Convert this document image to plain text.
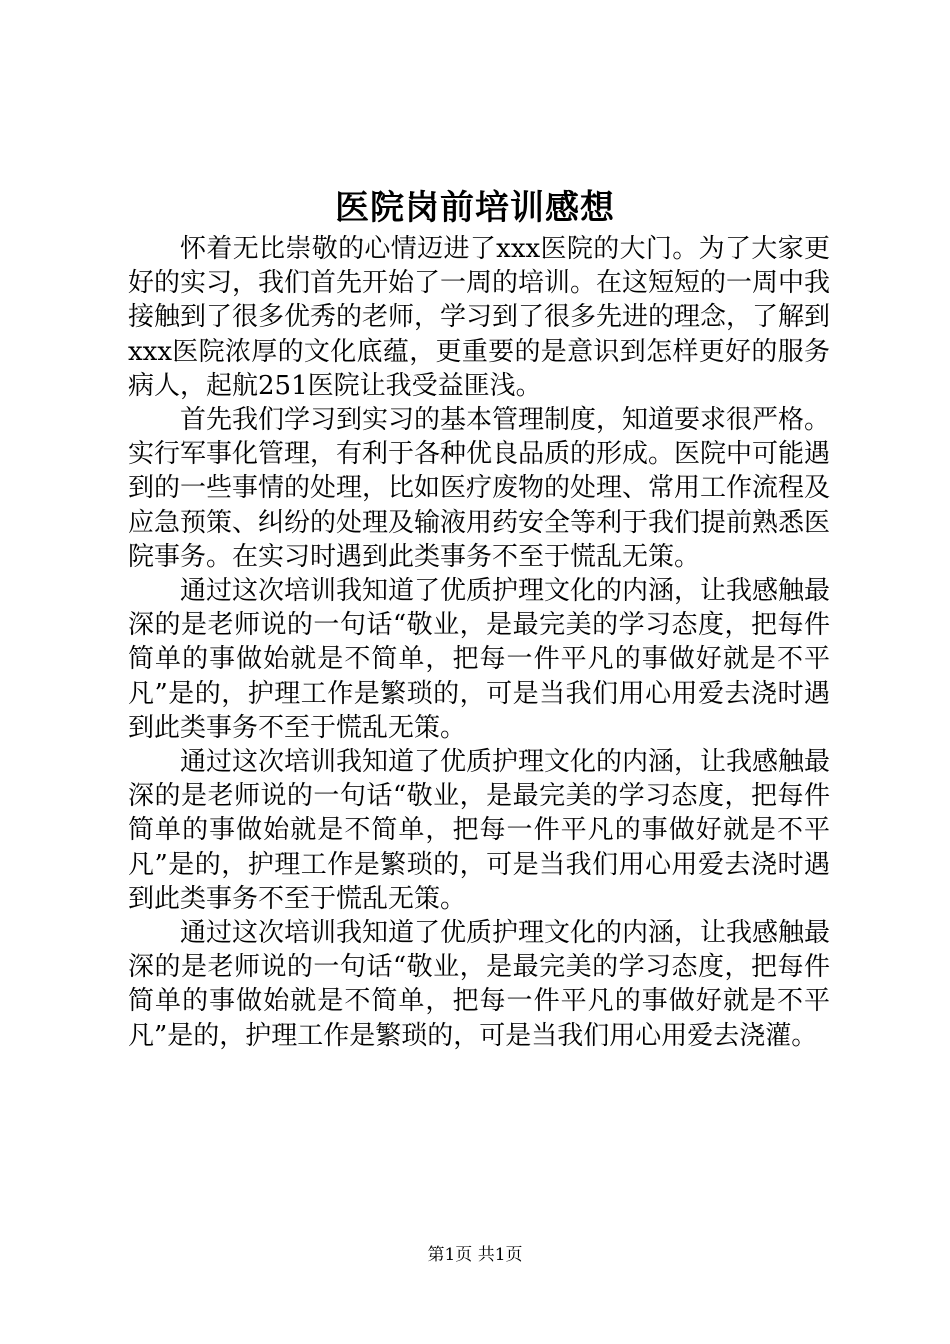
医院岗前培训感想

怀着无比崇敬的心情迈进了xxx医院的大门。为了大家更好的实习，我们首先开始了一周的培训。在这短短的一周中我接触到了很多优秀的老师，学习到了很多先进的理念，了解到xxx医院浓厚的文化底蕴，更重要的是意识到怎样更好的服务病人，起航251医院让我受益匪浅。

首先我们学习到实习的基本管理制度，知道要求很严格。实行军事化管理，有利于各种优良品质的形成。医院中可能遇到的一些事情的处理，比如医疗废物的处理、常用工作流程及应急预策、纠纷的处理及输液用药安全等利于我们提前熟悉医院事务。在实习时遇到此类事务不至于慌乱无策。

通过这次培训我知道了优质护理文化的内涵，让我感触最深的是老师说的一句话“敬业，是最完美的学习态度，把每件简单的事做始就是不简单，把每一件平凡的事做好就是不平凡”是的，护理工作是繁琐的，可是当我们用心用爱去浇时遇到此类事务不至于慌乱无策。

通过这次培训我知道了优质护理文化的内涵，让我感触最深的是老师说的一句话“敬业，是最完美的学习态度，把每件简单的事做始就是不简单，把每一件平凡的事做好就是不平凡”是的，护理工作是繁琐的，可是当我们用心用爱去浇时遇到此类事务不至于慌乱无策。

通过这次培训我知道了优质护理文化的内涵，让我感触最深的是老师说的一句话“敬业，是最完美的学习态度，把每件简单的事做始就是不简单，把每一件平凡的事做好就是不平凡”是的，护理工作是繁琐的，可是当我们用心用爱去浇灌。

第1页 共1页
